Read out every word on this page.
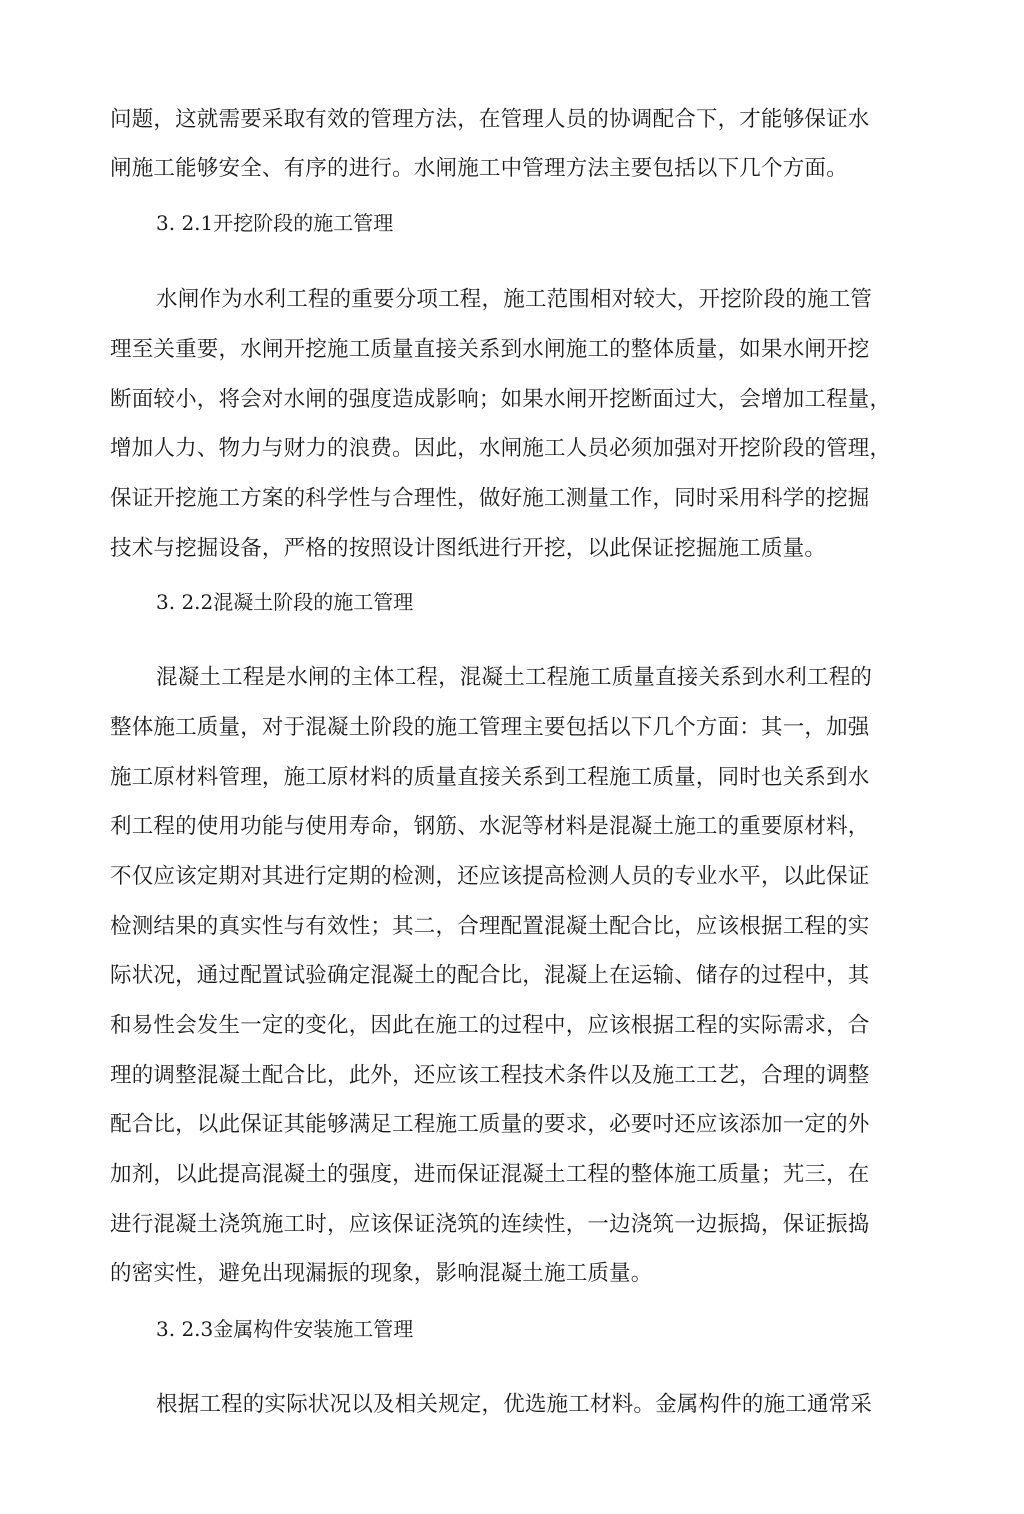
问题，这就需要采取有效的管理方法，在管理人员的协调配合下，才能够保证水
闸施工能够安全、有序的进行。水闸施工中管理方法主要包括以下几个方面。
3. 2.1开挖阶段的施工管理
水闸作为水利工程的重要分项工程，施工范围相对较大，开挖阶段的施工管
理至关重要，水闸开挖施工质量直接关系到水闸施工的整体质量，如果水闸开挖
断面较小，将会对水闸的强度造成影响；如果水闸开挖断面过大，会增加工程量，
增加人力、物力与财力的浪费。因此，水闸施工人员必须加强对开挖阶段的管理，
保证开挖施工方案的科学性与合理性，做好施工测量工作，同时采用科学的挖掘
技术与挖掘设备，严格的按照设计图纸进行开挖，以此保证挖掘施工质量。
3. 2.2混凝土阶段的施工管理
混凝土工程是水闸的主体工程，混凝土工程施工质量直接关系到水利工程的
整体施工质量，对于混凝土阶段的施工管理主要包括以下几个方面：其一，加强
施工原材料管理，施工原材料的质量直接关系到工程施工质量，同时也关系到水
利工程的使用功能与使用寿命，钢筋、水泥等材料是混凝土施工的重要原材料，
不仅应该定期对其进行定期的检测，还应该提高检测人员的专业水平，以此保证
检测结果的真实性与有效性；其二，合理配置混凝土配合比，应该根据工程的实
际状况，通过配置试验确定混凝土的配合比，混凝上在运输、储存的过程中，其
和易性会发生一定的变化，因此在施工的过程中，应该根据工程的实际需求，合
理的调整混凝土配合比，此外，还应该工程技术条件以及施工工艺，合理的调整
配合比，以此保证其能够满足工程施工质量的要求，必要吋还应该添加一定的外
加剂，以此提高混凝土的强度，进而保证混凝土工程的整体施工质量；艽三，在
进行混凝土浇筑施工时，应该保证浇筑的连续性，一边浇筑一边振捣，保证振捣
的密实性，避免出现漏振的现象，影响混凝土施工质量。
3. 2.3金属构件安装施工管理
根据工程的实际状况以及相关规定，优选施工材料。金属构件的施工通常采
